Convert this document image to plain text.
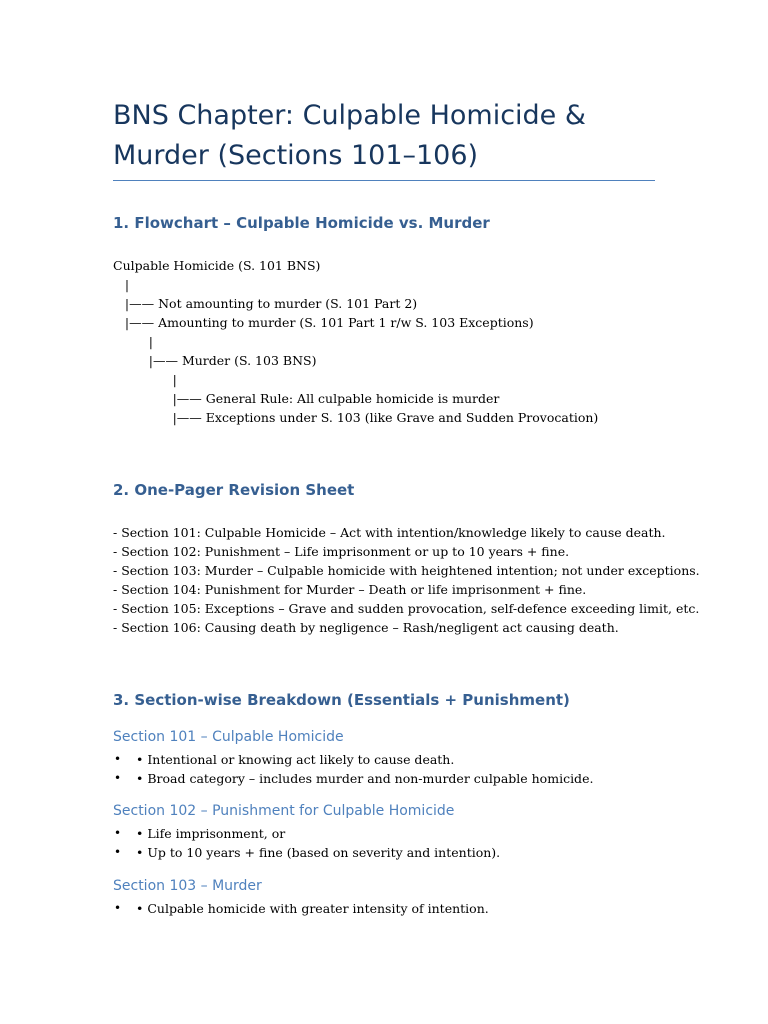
BNS Chapter: Culpable Homicide & Murder (Sections 101–106)
1. Flowchart – Culpable Homicide vs. Murder
Culpable Homicide (S. 101 BNS)
|
|—— Not amounting to murder (S. 101 Part 2)
|—— Amounting to murder (S. 101 Part 1 r/w S. 103 Exceptions)
|
|—— Murder (S. 103 BNS)
|
|—— General Rule: All culpable homicide is murder
|—— Exceptions under S. 103 (like Grave and Sudden Provocation)
2. One-Pager Revision Sheet
- Section 101: Culpable Homicide – Act with intention/knowledge likely to cause death.
- Section 102: Punishment – Life imprisonment or up to 10 years + fine.
- Section 103: Murder – Culpable homicide with heightened intention; not under exceptions.
- Section 104: Punishment for Murder – Death or life imprisonment + fine.
- Section 105: Exceptions – Grave and sudden provocation, self-defence exceeding limit, etc.
- Section 106: Causing death by negligence – Rash/negligent act causing death.
3. Section-wise Breakdown (Essentials + Punishment)
Section 101 – Culpable Homicide
• • Intentional or knowing act likely to cause death.
• • Broad category – includes murder and non-murder culpable homicide.
Section 102 – Punishment for Culpable Homicide
• • Life imprisonment, or
• • Up to 10 years + fine (based on severity and intention).
Section 103 – Murder
• • Culpable homicide with greater intensity of intention.
